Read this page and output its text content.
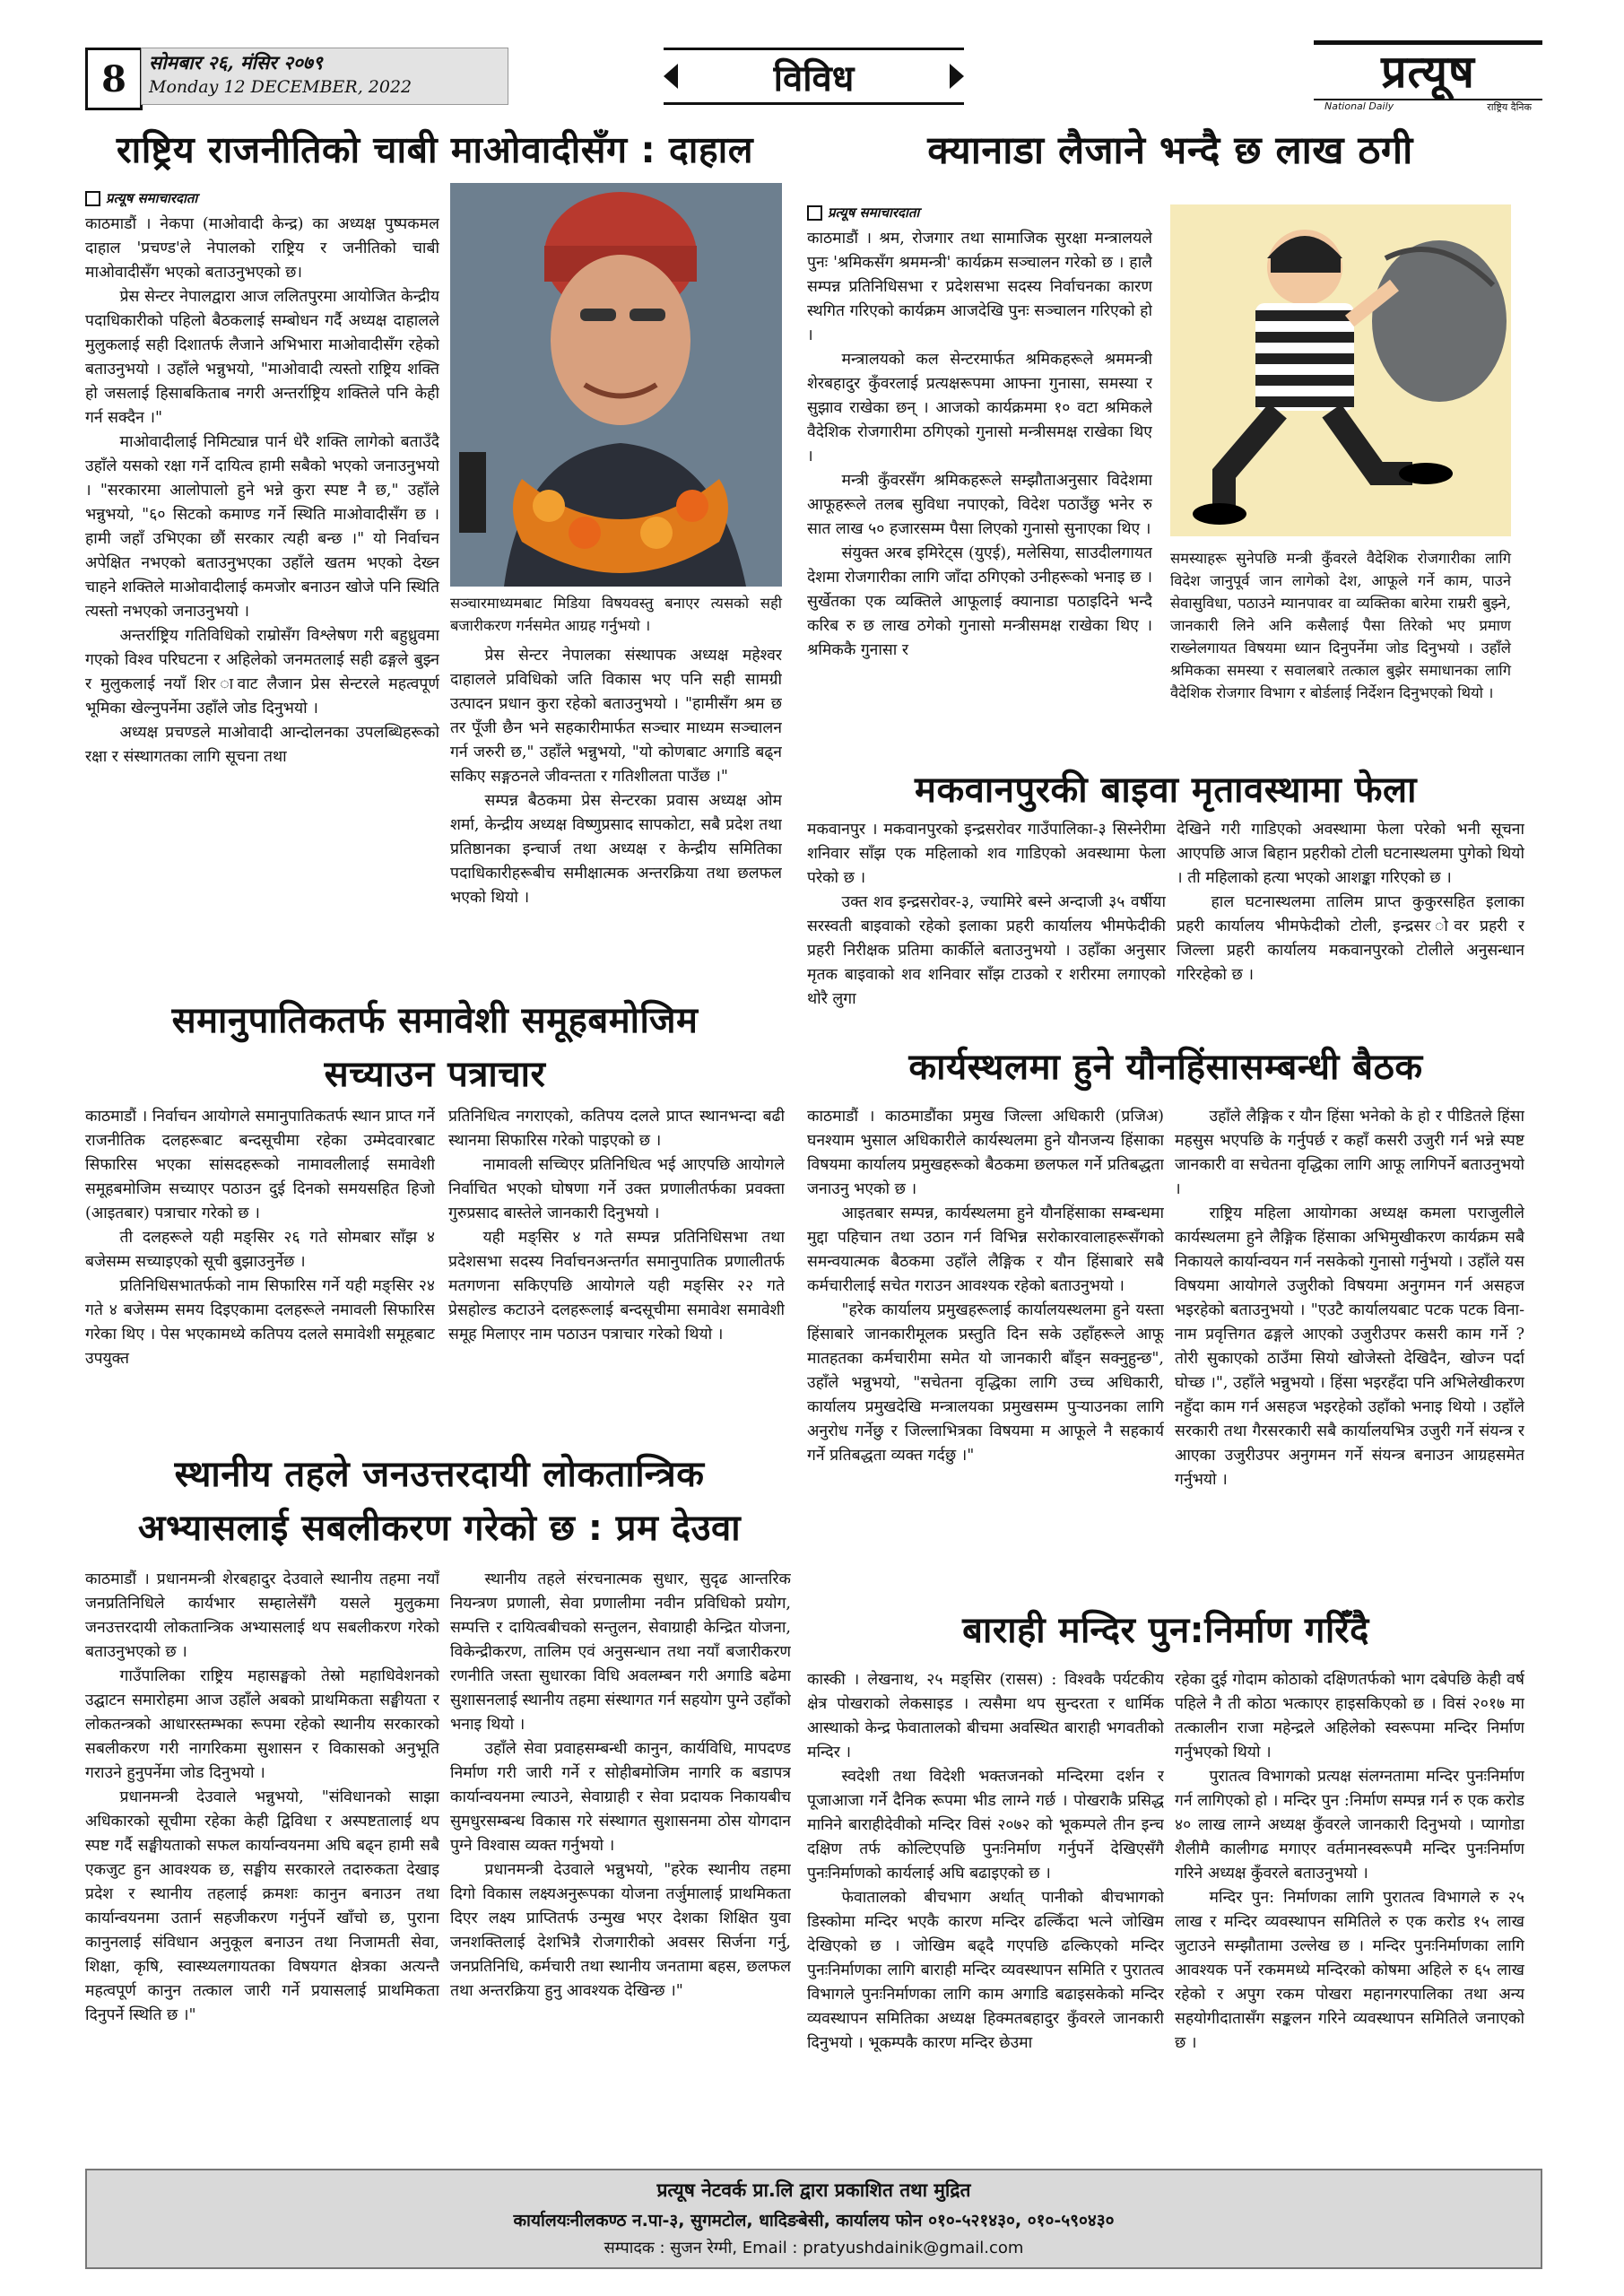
8 सोमबार २६, मंसिर २०७९
Monday 12 DECEMBER, 2022	विविध	प्रत्यूष
National Daily	राष्ट्रिय दैनिक
राष्ट्रिय राजनीतिको चाबी माओवादीसँग : दाहाल
प्रत्यूष समाचारदाता

काठमाडौं । नेकपा (माओवादी केन्द्र) का अध्यक्ष पुष्पकमल दाहाल 'प्रचण्ड'ले नेपालको राष्ट्रिय र जनीतिको चाबी माओवादीसँग भएको बताउनुभएको छ।

प्रेस सेन्टर नेपालद्वारा आज ललितपुरमा आयोजित केन्द्रीय पदाधिकारीको पहिलो बैठकलाई सम्बोधन गर्दै अध्यक्ष दाहालले मुलुकलाई सही दिशातर्फ लैजाने अभिभारा माओवादीसँग रहेको बताउनुभयो । उहाँले भन्नुभयो, "माओवादी त्यस्तो राष्ट्रिय शक्ति हो जसलाई हिसाबकिताब नगरी अन्तर्राष्ट्रिय शक्तिले पनि केही गर्न सक्दैन ।"

माओवादीलाई निमिट्यान्न पार्न धेरै शक्ति लागेको बताउँदै उहाँले यसको रक्षा गर्ने दायित्व हामी सबैको भएको जनाउनुभयो । "सरकारमा आलोपालो हुने भन्ने कुरा स्पष्ट नै छ," उहाँले भन्नुभयो, "६० सिटको कमाण्ड गर्ने स्थिति माओवादीसँग छ । हामी जहाँ उभिएका छौं सरकार त्यही बन्छ ।" यो निर्वाचन अपेक्षित नभएको बताउनुभएका उहाँले खतम भएको देख्न चाहने शक्तिले माओवादीलाई कमजोर बनाउन खोजे पनि स्थिति त्यस्तो नभएको जनाउनुभयो ।

अन्तर्राष्ट्रिय गतिविधिको राम्रोसँग विश्लेषण गरी बहुध्रुवमा गएको विश्व परिघटना र अहिलेको जनमतलाई सही ढङ्गले बुझ्न र मुलुकलाई नयाँ शिर ावाट लैजान प्रेस सेन्टरले महत्वपूर्ण भूमिका खेल्नुपर्नेमा उहाँले जोड दिनुभयो ।

अध्यक्ष प्रचण्डले माओवादी आन्दोलनका उपलब्धिहरूको रक्षा र संस्थागतका लागि सूचना तथा

सञ्चारमाध्यमबाट मिडिया विषयवस्तु बनाएर त्यसको सही बजारीकरण गर्नसमेत आग्रह गर्नुभयो ।

प्रेस सेन्टर नेपालका संस्थापक अध्यक्ष महेश्वर दाहालले प्रविधिको जति विकास भए पनि सही सामग्री उत्पादन प्रधान कुरा रहेको बताउनुभयो । "हामीसँग श्रम छ तर पूँजी छैन भने सहकारीमार्फत सञ्चार माध्यम सञ्चालन गर्न जरुरी छ," उहाँले भन्नुभयो, "यो कोणबाट अगाडि बढ्न सकिए सङ्गठनले जीवन्तता र गतिशीलता पाउँछ ।"

सम्पन्न बैठकमा प्रेस सेन्टरका प्रवास अध्यक्ष ओम शर्मा, केन्द्रीय अध्यक्ष विष्णुप्रसाद सापकोटा, सबै प्रदेश तथा प्रतिष्ठानका इन्चार्ज तथा अध्यक्ष र केन्द्रीय समितिका पदाधिकारीहरूबीच समीक्षात्मक अन्तरक्रिया तथा छलफल भएको थियो ।

क्यानाडा लैजाने भन्दै छ लाख ठगी
प्रत्यूष समाचारदाता

काठमाडौं । श्रम, रोजगार तथा सामाजिक सुरक्षा मन्त्रालयले पुनः 'श्रमिकसँग श्रममन्त्री' कार्यक्रम सञ्चालन गरेको छ । हालै सम्पन्न प्रतिनिधिसभा र प्रदेशसभा सदस्य निर्वाचनका कारण स्थगित गरिएको कार्यक्रम आजदेखि पुनः सञ्चालन गरिएको हो ।

मन्त्रालयको कल सेन्टरमार्फत श्रमिकहरूले श्रममन्त्री शेरबहादुर कुँवरलाई प्रत्यक्षरूपमा आफ्ना गुनासा, समस्या र सुझाव राखेका छन् । आजको कार्यक्रममा १० वटा श्रमिकले वैदेशिक रोजगारीमा ठगिएको गुनासो मन्त्रीसमक्ष राखेका थिए ।

मन्त्री कुँवरसँग श्रमिकहरूले सम्झौताअनुसार विदेशमा आफूहरूले तलब सुविधा नपाएको, विदेश पठाउँछु भनेर रु सात लाख ५० हजारसम्म पैसा लिएको गुनासो सुनाएका थिए ।

संयुक्त अरब इमिरेट्स (युएई), मलेसिया, साउदीलगायत देशमा रोजगारीका लागि जाँदा ठगिएको उनीहरूको भनाइ छ । सुर्खेतका एक व्यक्तिले आफूलाई क्यानाडा पठाइदिने भन्दै करिब रु छ लाख ठगेको गुनासो मन्त्रीसमक्ष राखेका थिए । श्रमिककै गुनासा र

समस्याहरू सुनेपछि मन्त्री कुँवरले वैदेशिक रोजगारीका लागि विदेश जानुपूर्व जान लागेको देश, आफूले गर्ने काम, पाउने सेवासुविधा, पठाउने म्यानपावर वा व्यक्तिका बारेमा राम्ररी बुझ्ने, जानकारी लिने अनि कसैलाई पैसा तिरेको भए प्रमाण राख्नेलगायत विषयमा ध्यान दिनुपर्नेमा जोड दिनुभयो । उहाँले श्रमिकका समस्या र सवालबारे तत्काल बुझेर समाधानका लागि वैदेशिक रोजगार विभाग र बोर्डलाई निर्देशन दिनुभएको थियो ।
मकवानपुरकी बाइवा मृतावस्थामा फेला

मकवानपुर । मकवानपुरको इन्द्रसरोवर गाउँपालिका-३ सिस्नेरीमा शनिवार साँझ एक महिलाको शव गाडिएको अवस्थामा फेला परेको छ ।

उक्त शव इन्द्रसरोवर-३, ज्यामिरे बस्ने अन्दाजी ३५ वर्षीया सरस्वती बाइवाको रहेको इलाका प्रहरी कार्यालय भीमफेदीकी प्रहरी निरीक्षक प्रतिमा कार्कीले बताउनुभयो । उहाँका अनुसार मृतक बाइवाको शव शनिवार साँझ टाउको र शरीरमा लगाएको थोरै लुगा

देखिने गरी गाडिएको अवस्थामा फेला परेको भनी सूचना आएपछि आज बिहान प्रहरीको टोली घटनास्थलमा पुगेको थियो । ती महिलाको हत्या भएको आशङ्का गरिएको छ ।

हाल घटनास्थलमा तालिम प्राप्त कुकुरसहित इलाका प्रहरी कार्यालय भीमफेदीको टोली, इन्द्रसर ोवर प्रहरी र जिल्ला प्रहरी कार्यालय मकवानपुरको टोलीले अनुसन्धान गरिरहेको छ ।

समानुपातिकतर्फ समावेशी समूहबमोजिम
सच्याउन पत्राचार

काठमाडौं । निर्वाचन आयोगले समानुपातिकतर्फ स्थान प्राप्त गर्ने राजनीतिक दलहरूबाट बन्दसूचीमा रहेका उम्मेदवारबाट सिफारिस भएका सांसदहरूको नामावलीलाई समावेशी समूहबमोजिम सच्याएर पठाउन दुई दिनको समयसहित हिजो (आइतबार) पत्राचार गरेको छ ।

ती दलहरूले यही मङ्सिर २६ गते सोमबार साँझ ४ बजेसम्म सच्याइएको सूची बुझाउनुर्नेछ ।

प्रतिनिधिसभातर्फको नाम सिफारिस गर्ने यही मङ्सिर २४ गते ४ बजेसम्म समय दिइएकामा दलहरूले नमावली सिफारिस गरेका थिए । पेस भएकामध्ये कतिपय दलले समावेशी समूहबाट उपयुक्त

प्रतिनिधित्व नगराएको, कतिपय दलले प्राप्त स्थानभन्दा बढी स्थानमा सिफारिस गरेको पाइएको छ ।

नामावली सच्चिएर प्रतिनिधित्व भई आएपछि आयोगले निर्वाचित भएको घोषणा गर्ने उक्त प्रणालीतर्फका प्रवक्ता गुरुप्रसाद बास्तेले जानकारी दिनुभयो ।

यही मङ्सिर ४ गते सम्पन्न प्रतिनिधिसभा तथा प्रदेशसभा सदस्य निर्वाचनअन्तर्गत समानुपातिक प्रणालीतर्फ मतगणना सकिएपछि आयोगले यही मङ्सिर २२ गते प्रेसहोल्ड कटाउने दलहरूलाई बन्दसूचीमा समावेश समावेशी समूह मिलाएर नाम पठाउन पत्राचार गरेको थियो ।

कार्यस्थलमा हुने यौनहिंसासम्बन्धी बैठक

काठमाडौं । काठमाडौंका प्रमुख जिल्ला अधिकारी (प्रजिअ) घनश्याम भुसाल अधिकारीले कार्यस्थलमा हुने यौनजन्य हिंसाका विषयमा कार्यालय प्रमुखहरूको बैठकमा छलफल गर्ने प्रतिबद्धता जनाउनु भएको छ ।

आइतबार सम्पन्न, कार्यस्थलमा हुने यौनहिंसाका सम्बन्धमा मुद्दा पहिचान तथा उठान गर्न विभिन्न सरोकारवालाहरूसँगको समन्वयात्मक बैठकमा उहाँले लैङ्गिक र यौन हिंसाबारे सबै कर्मचारीलाई सचेत गराउन आवश्यक रहेको बताउनुभयो ।

"हरेक कार्यालय प्रमुखहरूलाई कार्यालयस्थलमा हुने यस्ता हिंसाबारे जानकारीमूलक प्रस्तुति दिन सके उहाँहरूले आफू मातहतका कर्मचारीमा समेत यो जानकारी बाँड्न सक्नुहुन्छ", उहाँले भन्नुभयो, "सचेतना वृद्धिका लागि उच्च अधिकारी, कार्यालय प्रमुखदेखि मन्त्रालयका प्रमुखसम्म पुऱ्याउनका लागि अनुरोध गर्नेछु र जिल्लाभित्रका विषयमा म आफूले नै सहकार्य गर्ने प्रतिबद्धता व्यक्त गर्दछु ।"

उहाँले लैङ्गिक र यौन हिंसा भनेको के हो र पीडितले हिंसा महसुस भएपछि के गर्नुपर्छ र कहाँ कसरी उजुरी गर्न भन्ने स्पष्ट जानकारी वा सचेतना वृद्धिका लागि आफू लागिपर्ने बताउनुभयो ।

राष्ट्रिय महिला आयोगका अध्यक्ष कमला पराजुलीले कार्यस्थलमा हुने लैङ्गिक हिंसाका अभिमुखीकरण कार्यक्रम सबै निकायले कार्यान्वयन गर्न नसकेको गुनासो गर्नुभयो । उहाँले यस विषयमा आयोगले उजुरीको विषयमा अनुगमन गर्न असहज भइरहेको बताउनुभयो । "एउटै कार्यालयबाट पटक पटक विना-नाम प्रवृत्तिगत ढङ्गले आएको उजुरीउपर कसरी काम गर्ने ? तोरी सुकाएको ठाउँमा सियो खोजेस्तो देखिदैन, खोज्न पर्दा घोच्छ ।", उहाँले भन्नुभयो । हिंसा भइरहँदा पनि अभिलेखीकरण नहुँदा काम गर्न असहज भइरहेको उहाँको भनाइ थियो । उहाँले सरकारी तथा गैरसरकारी सबै कार्यालयभित्र उजुरी गर्ने संयन्त्र र आएका उजुरीउपर अनुगमन गर्ने संयन्त्र बनाउन आग्रहसमेत गर्नुभयो ।

स्थानीय तहले जनउत्तरदायी लोकतान्त्रिक
अभ्यासलाई सबलीकरण गरेको छ : प्रम देउवा

काठमाडौं । प्रधानमन्त्री शेरबहादुर देउवाले स्थानीय तहमा नयाँ जनप्रतिनिधिले कार्यभार सम्हालेसँगै यसले मुलुकमा जनउत्तरदायी लोकतान्त्रिक अभ्यासलाई थप सबलीकरण गरेको बताउनुभएको छ ।

गाउँपालिका राष्ट्रिय महासङ्घको तेस्रो महाधिवेशनको उद्घाटन समारोहमा आज उहाँले अबको प्राथमिकता सङ्घीयता र लोकतन्त्रको आधारस्तम्भका रूपमा रहेको स्थानीय सरकारको सबलीकरण गरी नागरिकमा सुशासन र विकासको अनुभूति गराउने हुनुपर्नेमा जोड दिनुभयो ।

प्रधानमन्त्री देउवाले भन्नुभयो, "संविधानको साझा अधिकारको सूचीमा रहेका केही द्विविधा र अस्पष्टतालाई थप स्पष्ट गर्दै सङ्घीयताको सफल कार्यान्वयनमा अघि बढ्न हामी सबै एकजुट हुन आवश्यक छ, सङ्घीय सरकारले तदारुकता देखाइ प्रदेश र स्थानीय तहलाई क्रमशः कानुन बनाउन तथा कार्यान्वयनमा उतार्न सहजीकरण गर्नुपर्ने खाँचो छ, पुराना कानुनलाई संविधान अनुकूल बनाउन तथा निजामती सेवा, शिक्षा, कृषि, स्वास्थ्यलगायतका विषयगत क्षेत्रका अत्यन्तै महत्वपूर्ण कानुन तत्काल जारी गर्ने प्रयासलाई प्राथमिकता दिनुपर्ने स्थिति छ ।"

स्थानीय तहले संरचनात्मक सुधार, सुदृढ आन्तरिक नियन्त्रण प्रणाली, सेवा प्रणालीमा नवीन प्रविधिको प्रयोग, सम्पत्ति र दायित्वबीचको सन्तुलन, सेवाग्राही केन्द्रित योजना, विकेन्द्रीकरण, तालिम एवं अनुसन्धान तथा नयाँ बजारीकरण रणनीति जस्ता सुधारका विधि अवलम्बन गरी अगाडि बढेमा सुशासनलाई स्थानीय तहमा संस्थागत गर्न सहयोग पुग्ने उहाँको भनाइ थियो ।

उहाँले सेवा प्रवाहसम्बन्धी कानुन, कार्यविधि, मापदण्ड निर्माण गरी जारी गर्ने र सोहीबमोजिम नागरि क बडापत्र कार्यान्वयनमा ल्याउने, सेवाग्राही र सेवा प्रदायक निकायबीच सुमधुरसम्बन्ध विकास गरे संस्थागत सुशासनमा ठोस योगदान पुग्ने विश्वास व्यक्त गर्नुभयो ।

प्रधानमन्त्री देउवाले भन्नुभयो, "हरेक स्थानीय तहमा दिगो विकास लक्ष्यअनुरूपका योजना तर्जुमालाई प्राथमिकता दिएर लक्ष्य प्राप्तितर्फ उन्मुख भएर देशका शिक्षित युवा जनशक्तिलाई देशभित्रै रोजगारीको अवसर सिर्जना गर्नु, जनप्रतिनिधि, कर्मचारी तथा स्थानीय जनतामा बहस, छलफल तथा अन्तरक्रिया हुनु आवश्यक देखिन्छ ।"

बाराही मन्दिर पुन:निर्माण गरिँदै

कास्की । लेखनाथ, २५ मङ्सिर (रासस) : विश्वकै पर्यटकीय क्षेत्र पोखराको लेकसाइड । त्यसैमा थप सुन्दरता र धार्मिक आस्थाको केन्द्र फेवातालको बीचमा अवस्थित बाराही भगवतीको मन्दिर ।

स्वदेशी तथा विदेशी भक्तजनको मन्दिरमा दर्शन र पूजाआजा गर्ने दैनिक रूपमा भीड लाग्ने गर्छ । पोखराकै प्रसिद्ध मानिने बाराहीदेवीको मन्दिर विसं २०७२ को भूकम्पले तीन इन्च दक्षिण तर्फ कोल्टिएपछि पुनःनिर्माण गर्नुपर्ने देखिएसँगै पुनःनिर्माणको कार्यलाई अघि बढाइएको छ ।

फेवातालको बीचभाग अर्थात् पानीको बीचभागको डिस्कोमा मन्दिर भएकै कारण मन्दिर ढल्किँदा भत्ने जोखिम देखिएको छ । जोखिम बढ्दै गएपछि ढल्किएको मन्दिर पुनःनिर्माणका लागि बाराही मन्दिर व्यवस्थापन समिति र पुरातत्व विभागले पुनःनिर्माणका लागि काम अगाडि बढाइसकेको मन्दिर व्यवस्थापन समितिका अध्यक्ष हिक्मतबहादुर कुँवरले जानकारी दिनुभयो । भूकम्पकै कारण मन्दिर छेउमा

रहेका दुई गोदाम कोठाको दक्षिणतर्फको भाग दबेपछि केही वर्ष पहिले नै ती कोठा भत्काएर हाइसकिएको छ । विसं २०१७ मा तत्कालीन राजा महेन्द्रले अहिलेको स्वरूपमा मन्दिर निर्माण गर्नुभएको थियो ।

पुरातत्व विभागको प्रत्यक्ष संलग्नतामा मन्दिर पुनःनिर्माण गर्न लागिएको हो । मन्दिर पुन :निर्माण सम्पन्न गर्न रु एक करोड ४० लाख लाग्ने अध्यक्ष कुँवरले जानकारी दिनुभयो । प्यागोडा शैलीमै कालीगढ मगाएर वर्तमानस्वरूपमै मन्दिर पुनःनिर्माण गरिने अध्यक्ष कुँवरले बताउनुभयो ।

मन्दिर पुन: निर्माणका लागि पुरातत्व विभागले रु २५ लाख र मन्दिर व्यवस्थापन समितिले रु एक करोड १५ लाख जुटाउने सम्झौतामा उल्लेख छ । मन्दिर पुनःनिर्माणका लागि आवश्यक पर्ने रकममध्ये मन्दिरको कोषमा अहिले रु ६५ लाख रहेको र अपुग रकम पोखरा महानगरपालिका तथा अन्य सहयोगीदातासँग सङ्कलन गरिने व्यवस्थापन समितिले जनाएको छ ।

प्रत्यूष नेटवर्क प्रा.लि द्वारा प्रकाशित तथा मुद्रित
कार्यालयःनीलकण्ठ न.पा-३, सुगमटोल, धादिङबेसी, कार्यालय फोन ०१०-५२१४३०, ०१०-५९०४३०
सम्पादक : सुजन रेग्मी, Email : pratyushdainik@gmail.com
